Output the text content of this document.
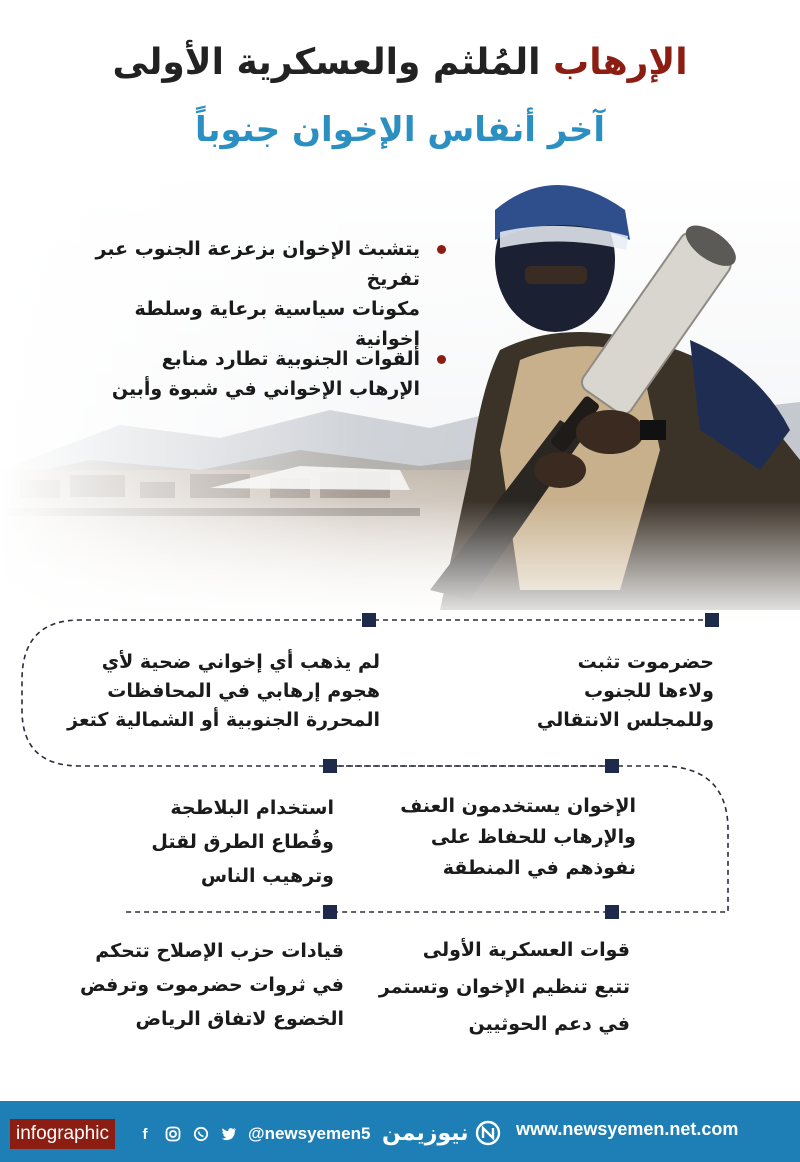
الإرهاب المُلثم والعسكرية الأولى
آخر أنفاس الإخوان جنوباً
يتشبث الإخوان بزعزعة الجنوب عبر تفريخ
مكونات سياسية برعاية وسلطة إخوانية
القوات الجنوبية تطارد منابع
الإرهاب الإخواني في شبوة وأبين
حضرموت تثبت
ولاءها للجنوب
وللمجلس الانتقالي
لم يذهب أي إخواني ضحية لأي
هجوم إرهابي في المحافظات
المحررة الجنوبية أو الشمالية كتعز
الإخوان يستخدمون العنف
والإرهاب للحفاظ على
نفوذهم في المنطقة
استخدام البلاطجة
وقُطاع الطرق لقتل
وترهيب الناس
قوات العسكرية الأولى
تتبع تنظيم الإخوان وتستمر
في دعم الحوثيين
قيادات حزب الإصلاح تتحكم
في ثروات حضرموت وترفض
الخضوع لاتفاق الرياض
infographic	f	@newsyemen5 نيوزيمن	www.newsyemen.net.com
